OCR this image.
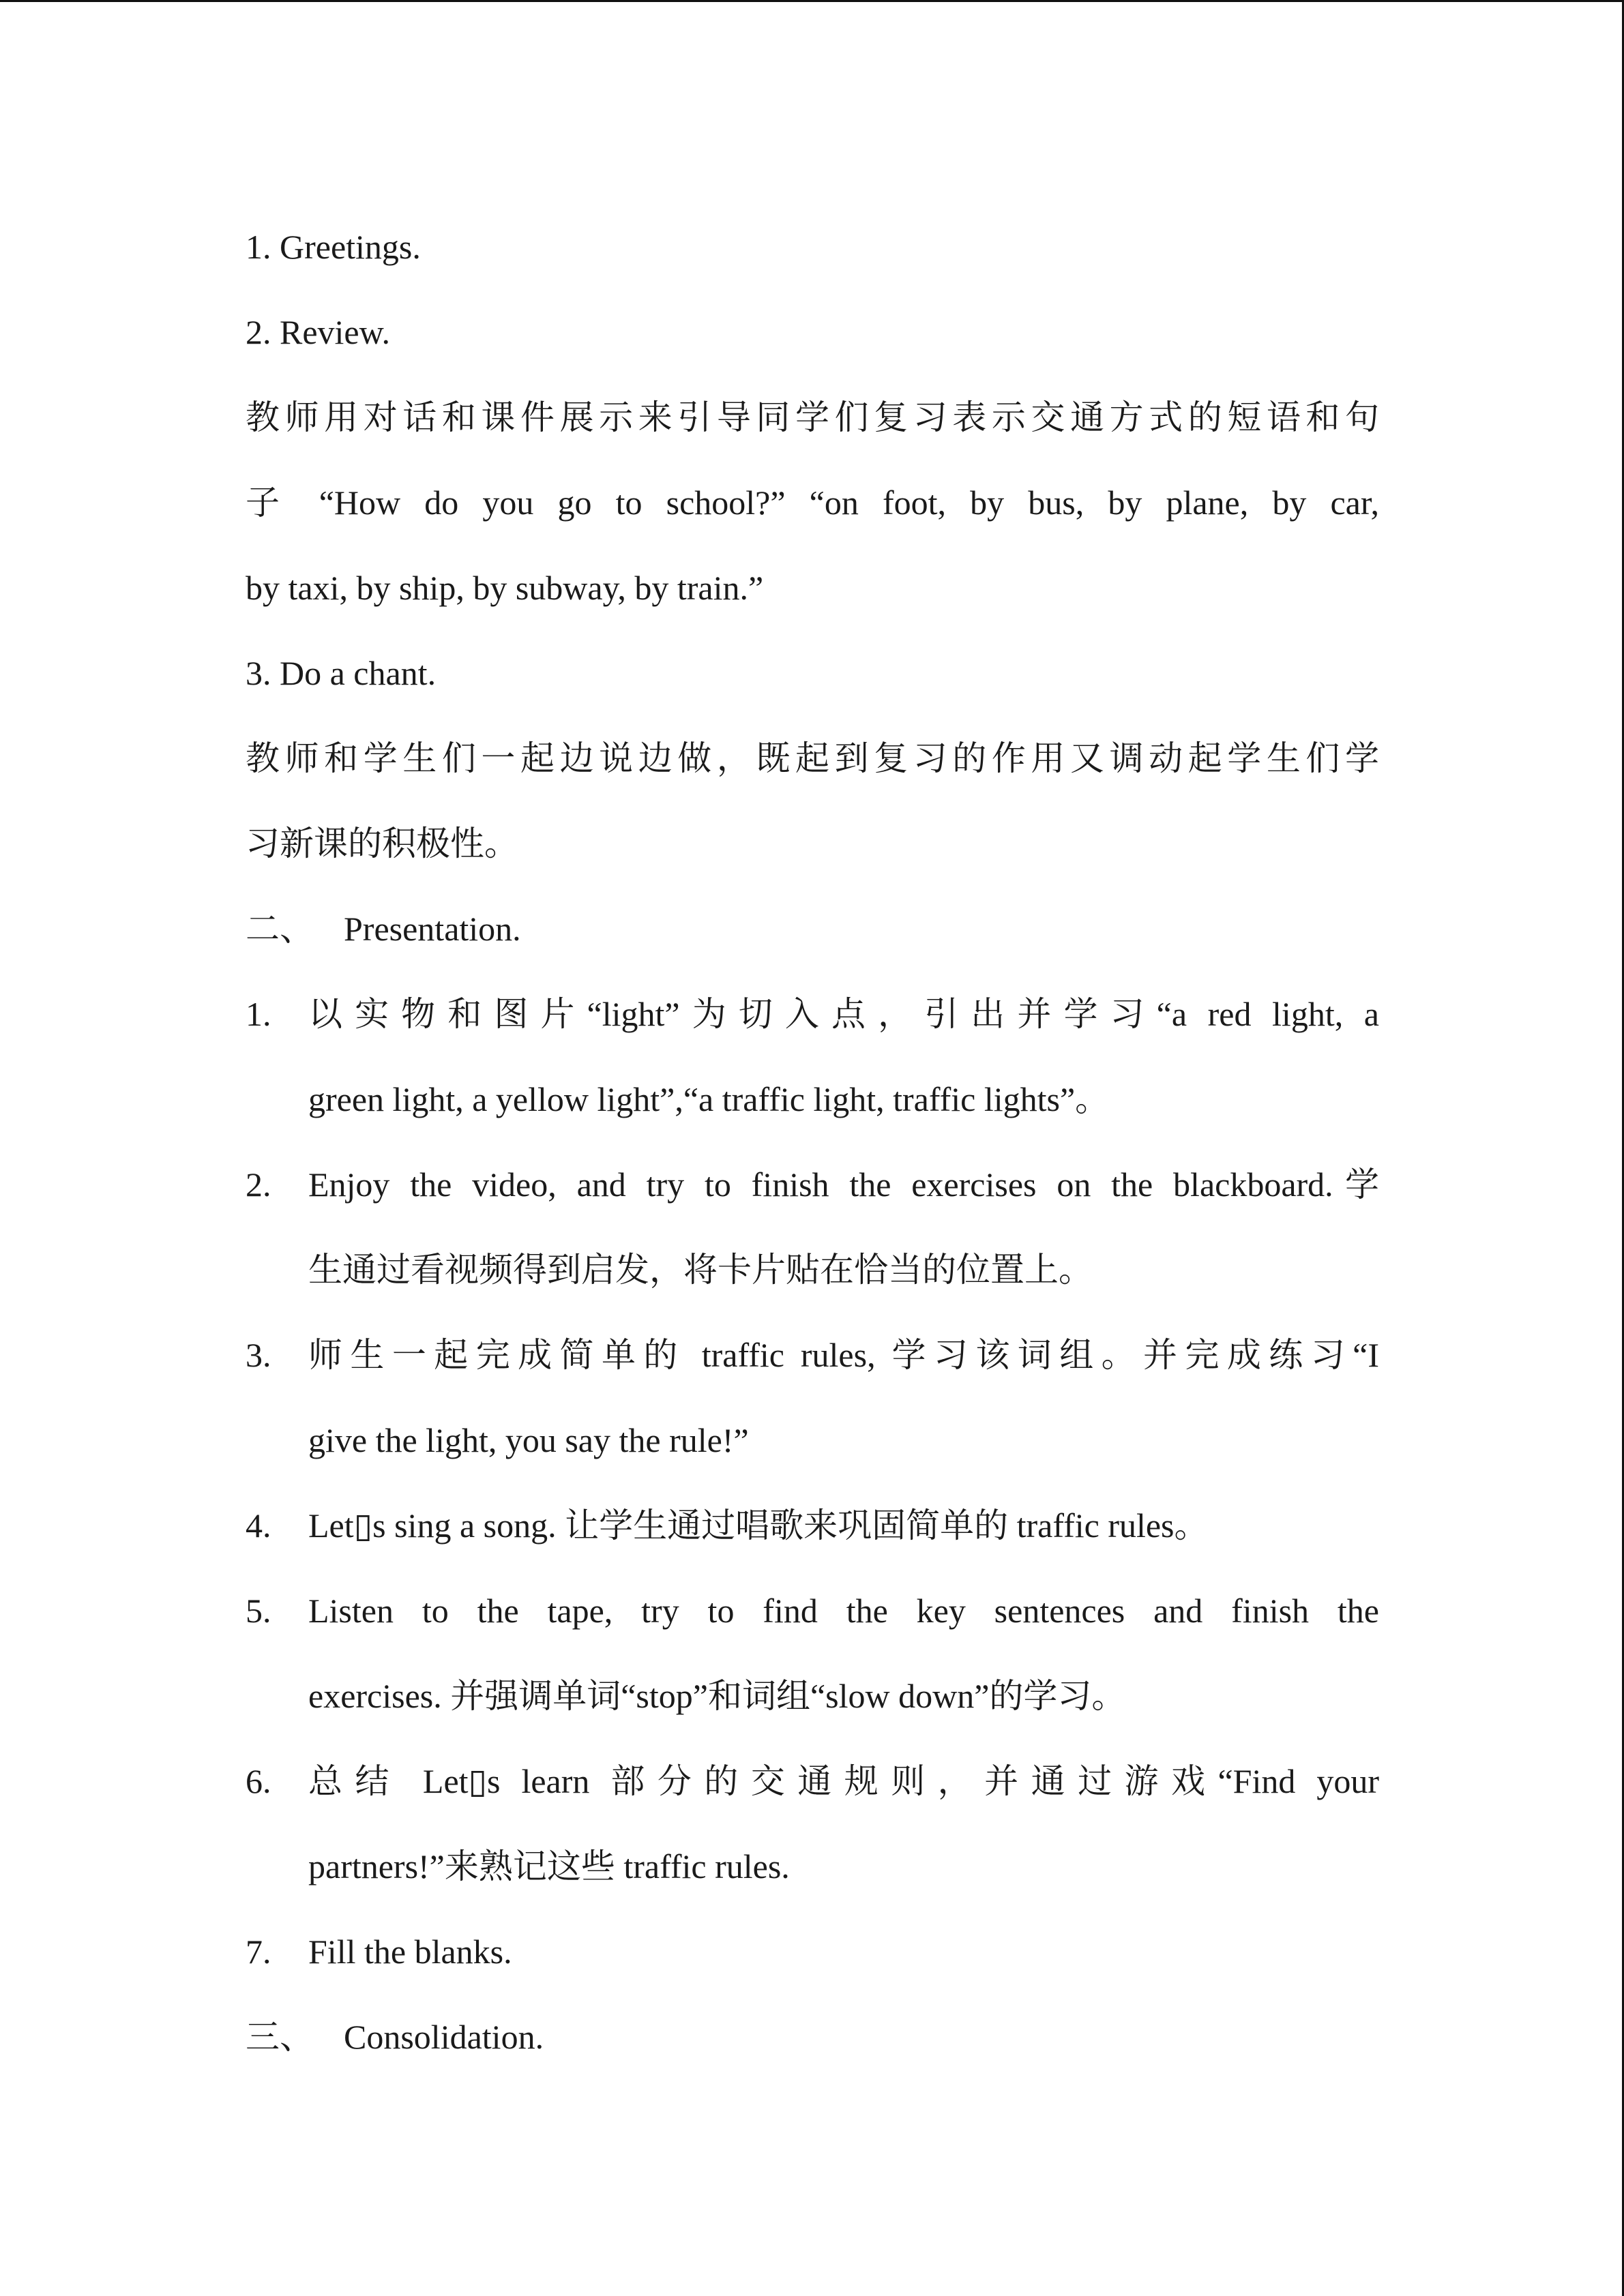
1. Greetings.
2. Review.
教师用对话和课件展示来引导同学们复习表示交通方式的短语和句
子 “How do you go to school?” “on foot, by bus, by plane, by car,
by taxi, by ship, by subway, by train.”
3. Do a chant.
教师和学生们一起边说边做，既起到复习的作用又调动起学生们学
习新课的积极性。
二、 Presentation.
1. 以实物和图片“light”为切入点，引出并学习“a red light, a
green light, a yellow light”,“a traffic light, traffic lights”。
2. Enjoy the video, and try to finish the exercises on the blackboard.学
生通过看视频得到启发，将卡片贴在恰当的位置上。
3. 师生一起完成简单的 traffic rules, 学习该词组。并完成练习“I
give the light, you say the rule!”
4. Let▯s sing a song. 让学生通过唱歌来巩固简单的 traffic rules。
5. Listen to the tape, try to find the key sentences and finish the
exercises. 并强调单词“stop”和词组“slow down”的学习。
6. 总结 Let▯s learn 部分的交通规则，并通过游戏“Find your
partners!”来熟记这些 traffic rules.
7. Fill the blanks.
三、 Consolidation.
